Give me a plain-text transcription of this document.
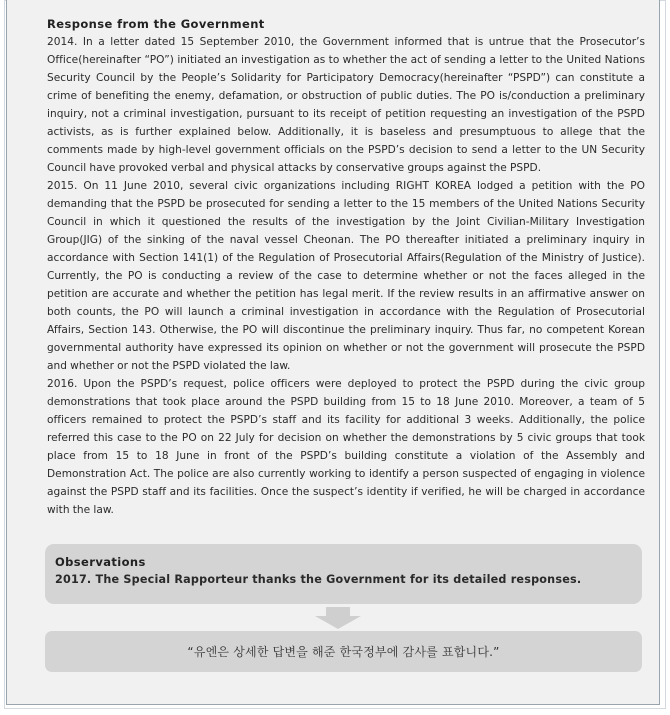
Response from the Government

2014. In a letter dated 15 September 2010, the Government informed that is untrue that the Prosecutor’s Office(hereinafter “PO”) initiated an investigation as to whether the act of sending a letter to the United Nations Security Council by the People’s Solidarity for Participatory Democracy(hereinafter “PSPD”) can constitute a crime of benefiting the enemy, defamation, or obstruction of public duties. The PO is/conduction a preliminary inquiry, not a criminal investigation, pursuant to its receipt of petition requesting an investigation of the PSPD activists, as is further explained below. Additionally, it is baseless and presumptuous to allege that the comments made by high-level government officials on the PSPD’s decision to send a letter to the UN Security Council have provoked verbal and physical attacks by conservative groups against the PSPD.

2015. On 11 June 2010, several civic organizations including RIGHT KOREA lodged a petition with the PO demanding that the PSPD be prosecuted for sending a letter to the 15 members of the United Nations Security Council in which it questioned the results of the investigation by the Joint Civilian-Military Investigation Group(JIG) of the sinking of the naval vessel Cheonan. The PO thereafter initiated a preliminary inquiry in accordance with Section 141(1) of the Regulation of Prosecutorial Affairs(Regulation of the Ministry of Justice). Currently, the PO is conducting a review of the case to determine whether or not the faces alleged in the petition are accurate and whether the petition has legal merit. If the review results in an affirmative answer on both counts, the PO will launch a criminal investigation in accordance with the Regulation of Prosecutorial Affairs, Section 143. Otherwise, the PO will discontinue the preliminary inquiry. Thus far, no competent Korean governmental authority have expressed its opinion on whether or not the government will prosecute the PSPD and whether or not the PSPD violated the law.

2016. Upon the PSPD’s request, police officers were deployed to protect the PSPD during the civic group demonstrations that took place around the PSPD building from 15 to 18 June 2010. Moreover, a team of 5 officers remained to protect the PSPD’s staff and its facility for additional 3 weeks. Additionally, the police referred this case to the PO on 22 July for decision on whether the demonstrations by 5 civic groups that took place from 15 to 18 June in front of the PSPD’s building constitute a violation of the Assembly and Demonstration Act. The police are also currently working to identify a person suspected of engaging in violence against the PSPD staff and its facilities. Once the suspect’s identity if verified, he will be charged in accordance with the law.

Observations
2017. The Special Rapporteur thanks the Government for its detailed responses.
“유엔은 상세한 답변을 해준 한국정부에 감사를 표합니다.”
